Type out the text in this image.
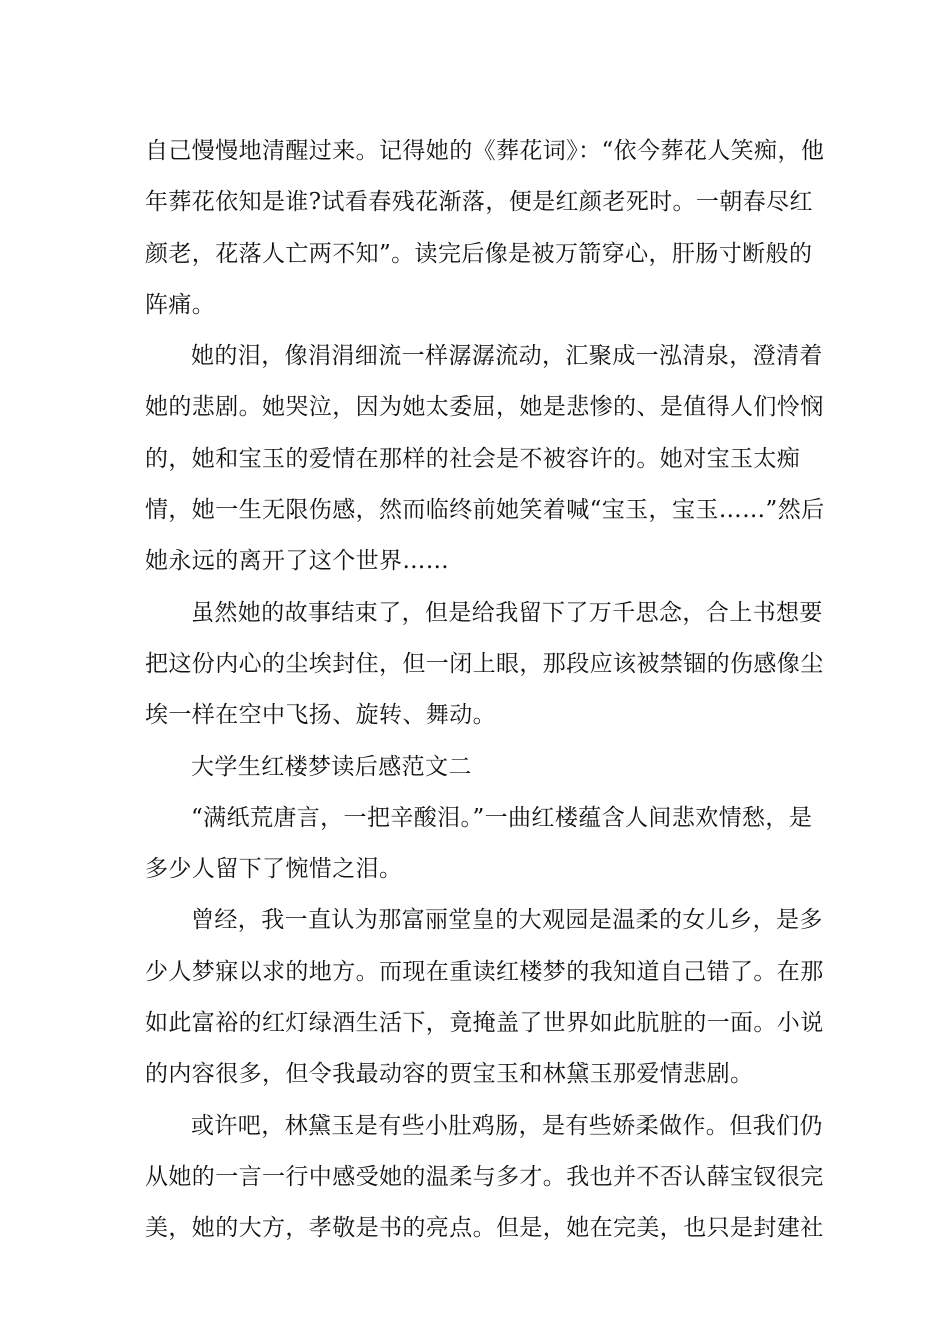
自己慢慢地清醒过来。记得她的《葬花词》：“依今葬花人笑痴，他年葬花依知是谁?试看春残花渐落，便是红颜老死时。一朝春尽红颜老，花落人亡两不知”。读完后像是被万箭穿心，肝肠寸断般的阵痛。

她的泪，像涓涓细流一样潺潺流动，汇聚成一泓清泉，澄清着她的悲剧。她哭泣，因为她太委屈，她是悲惨的、是值得人们怜悯的，她和宝玉的爱情在那样的社会是不被容许的。她对宝玉太痴情，她一生无限伤感，然而临终前她笑着喊“宝玉，宝玉……”然后她永远的离开了这个世界……

虽然她的故事结束了，但是给我留下了万千思念，合上书想要把这份内心的尘埃封住，但一闭上眼，那段应该被禁锢的伤感像尘埃一样在空中飞扬、旋转、舞动。

大学生红楼梦读后感范文二

“满纸荒唐言，一把辛酸泪。”一曲红楼蕴含人间悲欢情愁，是多少人留下了惋惜之泪。

曾经，我一直认为那富丽堂皇的大观园是温柔的女儿乡，是多少人梦寐以求的地方。而现在重读红楼梦的我知道自己错了。在那如此富裕的红灯绿酒生活下，竟掩盖了世界如此肮脏的一面。小说的内容很多，但令我最动容的贾宝玉和林黛玉那爱情悲剧。

或许吧，林黛玉是有些小肚鸡肠，是有些娇柔做作。但我们仍从她的一言一行中感受她的温柔与多才。我也并不否认薛宝钗很完美，她的大方，孝敬是书的亮点。但是，她在完美，也只是封建社
